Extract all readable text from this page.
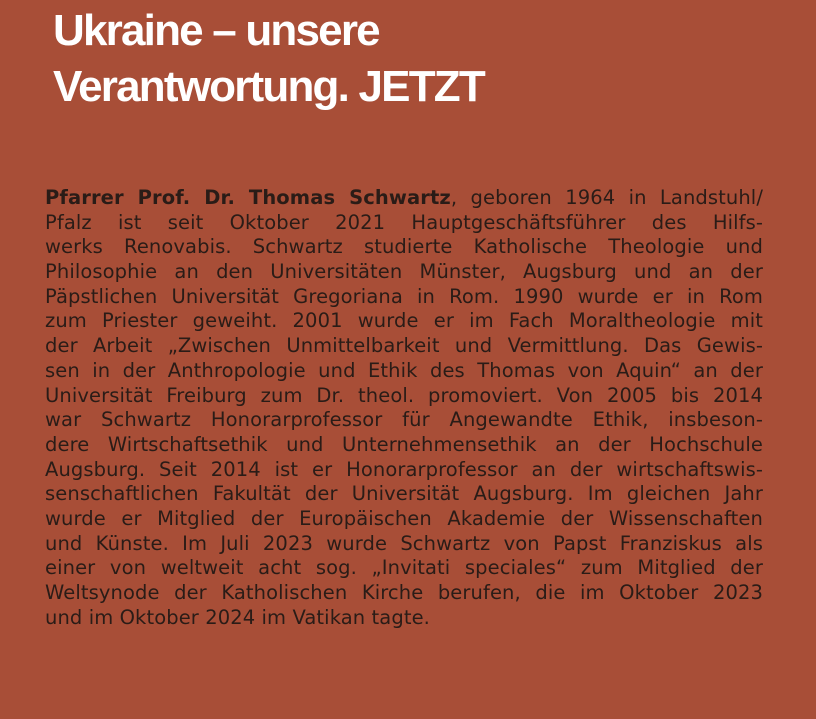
Ukraine – unsere
Verantwortung. JETZT
Pfarrer Prof. Dr. Thomas Schwartz, geboren 1964 in Landstuhl/
Pfalz ist seit Oktober 2021 Hauptgeschäftsführer des Hilfs-
werks Renovabis. Schwartz studierte Katholische Theologie und
Philosophie an den Universitäten Münster, Augsburg und an der
Päpstlichen Universität Gregoriana in Rom. 1990 wurde er in Rom
zum Priester geweiht. 2001 wurde er im Fach Moraltheologie mit
der Arbeit „Zwischen Unmittelbarkeit und Vermittlung. Das Gewis-
sen in der Anthropologie und Ethik des Thomas von Aquin“ an der
Universität Freiburg zum Dr. theol. promoviert. Von 2005 bis 2014
war Schwartz Honorarprofessor für Angewandte Ethik, insbeson-
dere Wirtschaftsethik und Unternehmensethik an der Hochschule
Augsburg. Seit 2014 ist er Honorarprofessor an der wirtschaftswis-
senschaftlichen Fakultät der Universität Augsburg. Im gleichen Jahr
wurde er Mitglied der Europäischen Akademie der Wissenschaften
und Künste. Im Juli 2023 wurde Schwartz von Papst Franziskus als
einer von weltweit acht sog. „Invitati speciales“ zum Mitglied der
Weltsynode der Katholischen Kirche berufen, die im Oktober 2023
und im Oktober 2024 im Vatikan tagte.
